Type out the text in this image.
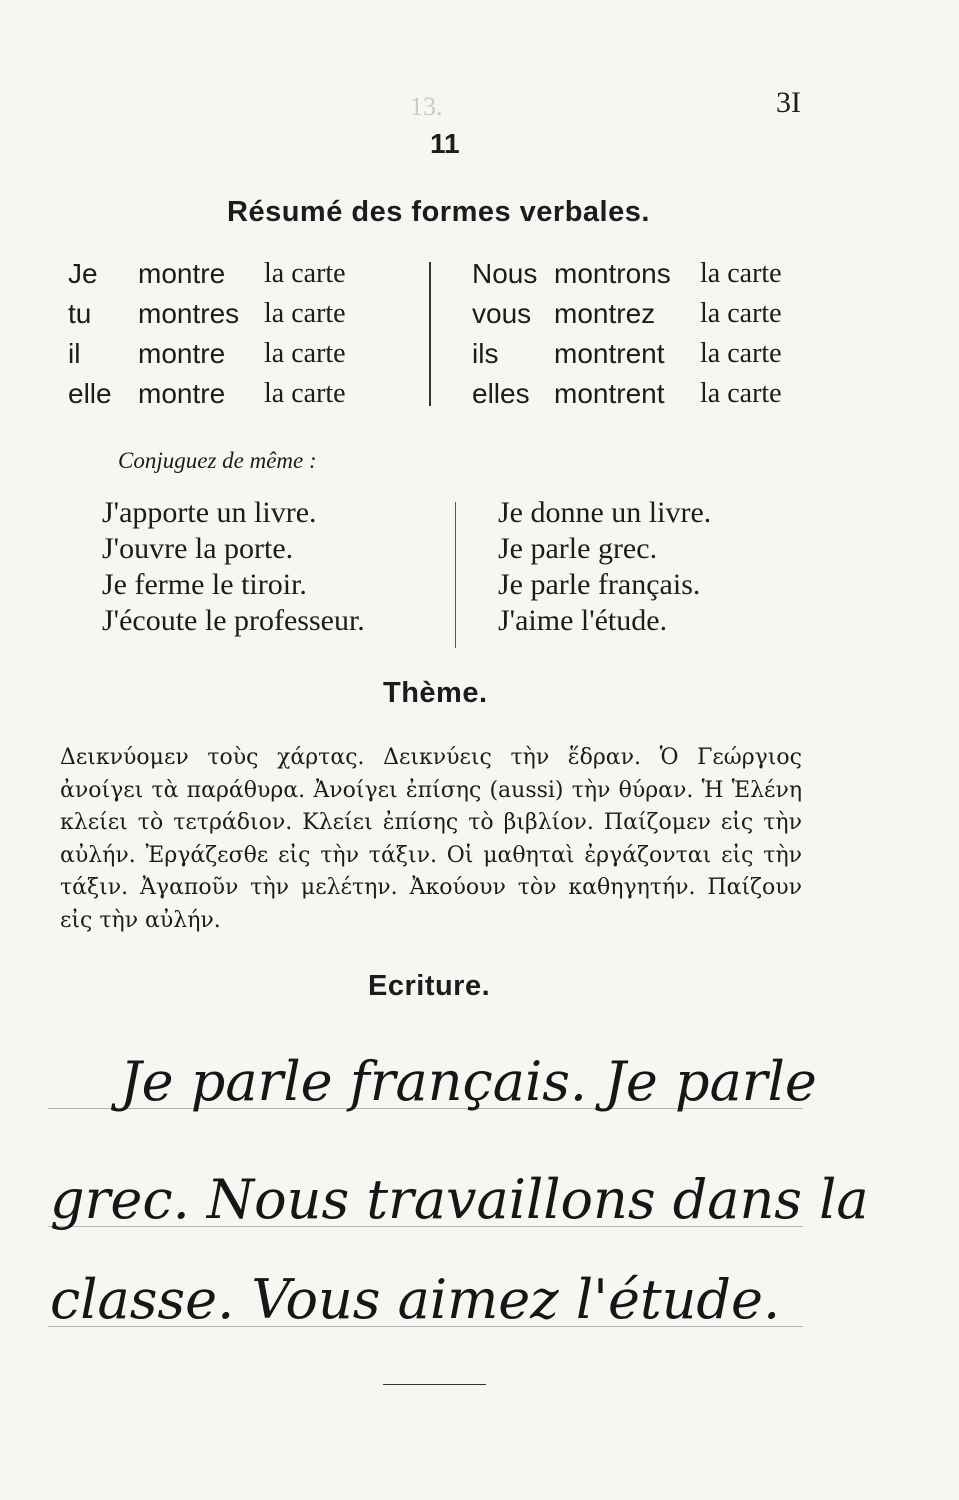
13.	3I
11
Résumé des formes verbales.
Je montre la carte	Nous montrons la carte
tu montres la carte	vous montrez la carte
il montre la carte	ils montrent la carte
elle montre la carte	elles montrent la carte
Conjuguez de même :
J'apporte un livre.
J'ouvre la porte.
Je ferme le tiroir.
J'écoute le professeur.
Je donne un livre.
Je parle grec.
Je parle français.
J'aime l'étude.
Thème.
Δεικνύομεν τοὺς χάρτας. Δεικνύεις τὴν ἕδραν. Ὁ Γεώργιος ἀνοίγει τὰ παράθυρα. Ἀνοίγει ἐπίσης (aussi) τὴν θύραν. Ἡ Ἑλένη κλείει τὸ τετράδιον. Κλείει ἐπίσης τὸ βιβλίον. Παίζομεν εἰς τὴν αὐλήν. Ἐργάζεσθε εἰς τὴν τάξιν. Οἱ μαθηταὶ ἐργάζονται εἰς τὴν τάξιν. Ἀγαποῦν τὴν μελέτην. Ἀκούουν τὸν καθηγητήν. Παίζουν εἰς τὴν αὐλήν.
Ecriture.
Je parle français. Je parle
grec. Nous travaillons dans la
classe. Vous aimez l'étude.
